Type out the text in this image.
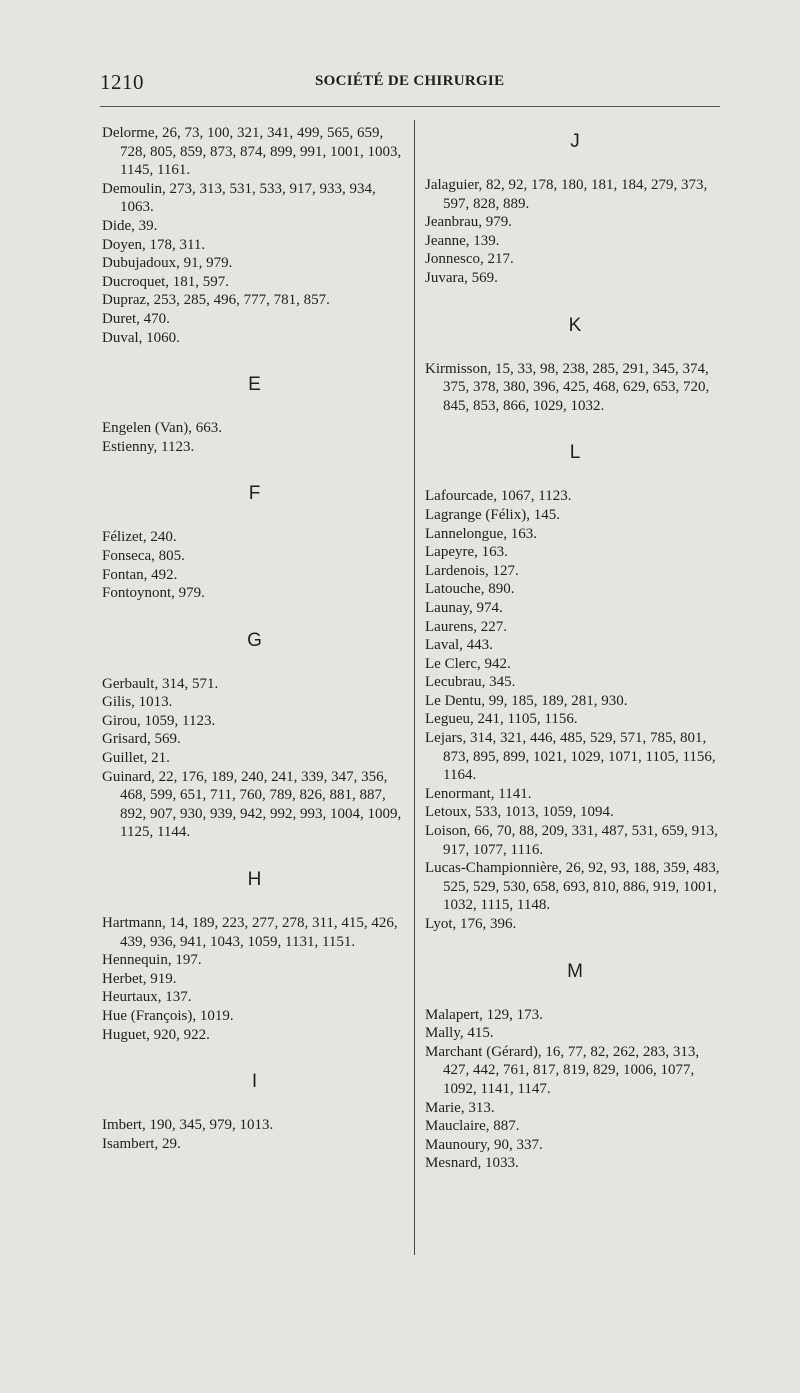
1210	SOCIÉTÉ DE CHIRURGIE
Delorme, 26, 73, 100, 321, 341, 499, 565, 659, 728, 805, 859, 873, 874, 899, 991, 1001, 1003, 1145, 1161.
Demoulin, 273, 313, 531, 533, 917, 933, 934, 1063.
Dide, 39.
Doyen, 178, 311.
Dubujadoux, 91, 979.
Ducroquet, 181, 597.
Dupraz, 253, 285, 496, 777, 781, 857.
Duret, 470.
Duval, 1060.
E
Engelen (Van), 663.
Estienny, 1123.
F
Félizet, 240.
Fonseca, 805.
Fontan, 492.
Fontoynont, 979.
G
Gerbault, 314, 571.
Gilis, 1013.
Girou, 1059, 1123.
Grisard, 569.
Guillet, 21.
Guinard, 22, 176, 189, 240, 241, 339, 347, 356, 468, 599, 651, 711, 760, 789, 826, 881, 887, 892, 907, 930, 939, 942, 992, 993, 1004, 1009, 1125, 1144.
H
Hartmann, 14, 189, 223, 277, 278, 311, 415, 426, 439, 936, 941, 1043, 1059, 1131, 1151.
Hennequin, 197.
Herbet, 919.
Heurtaux, 137.
Hue (François), 1019.
Huguet, 920, 922.
I
Imbert, 190, 345, 979, 1013.
Isambert, 29.
J
Jalaguier, 82, 92, 178, 180, 181, 184, 279, 373, 597, 828, 889.
Jeanbrau, 979.
Jeanne, 139.
Jonnesco, 217.
Juvara, 569.
K
Kirmisson, 15, 33, 98, 238, 285, 291, 345, 374, 375, 378, 380, 396, 425, 468, 629, 653, 720, 845, 853, 866, 1029, 1032.
L
Lafourcade, 1067, 1123.
Lagrange (Félix), 145.
Lannelongue, 163.
Lapeyre, 163.
Lardenois, 127.
Latouche, 890.
Launay, 974.
Laurens, 227.
Laval, 443.
Le Clerc, 942.
Lecubrau, 345.
Le Dentu, 99, 185, 189, 281, 930.
Legueu, 241, 1105, 1156.
Lejars, 314, 321, 446, 485, 529, 571, 785, 801, 873, 895, 899, 1021, 1029, 1071, 1105, 1156, 1164.
Lenormant, 1141.
Letoux, 533, 1013, 1059, 1094.
Loison, 66, 70, 88, 209, 331, 487, 531, 659, 913, 917, 1077, 1116.
Lucas-Championnière, 26, 92, 93, 188, 359, 483, 525, 529, 530, 658, 693, 810, 886, 919, 1001, 1032, 1115, 1148.
Lyot, 176, 396.
M
Malapert, 129, 173.
Mally, 415.
Marchant (Gérard), 16, 77, 82, 262, 283, 313, 427, 442, 761, 817, 819, 829, 1006, 1077, 1092, 1141, 1147.
Marie, 313.
Mauclaire, 887.
Maunoury, 90, 337.
Mesnard, 1033.
